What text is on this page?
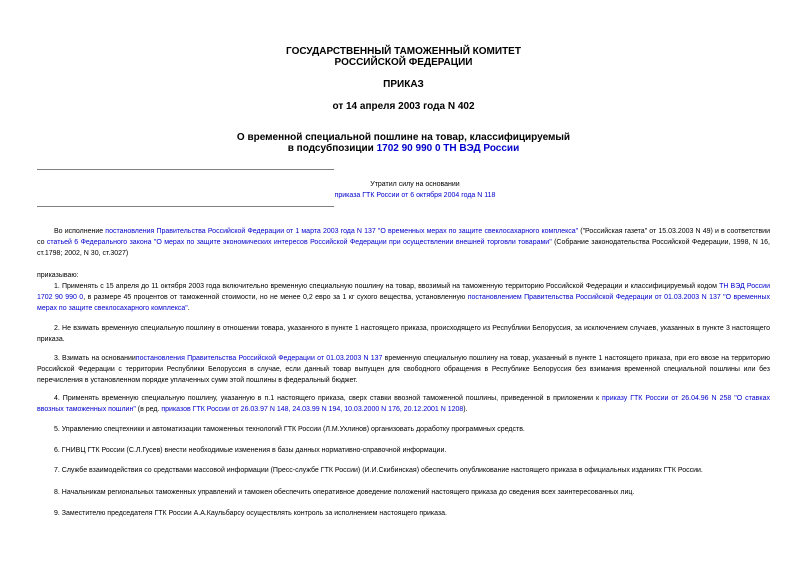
ГОСУДАРСТВЕННЫЙ ТАМОЖЕННЫЙ КОМИТЕТ
РОССИЙСКОЙ ФЕДЕРАЦИИ
ПРИКАЗ
от 14 апреля 2003 года N 402
О временной специальной пошлине на товар, классифицируемый
в подсубпозиции 1702 90 990 0 ТН ВЭД России
Утратил силу на основании
приказа ГТК России от 6 октября 2004 года N 118

Во исполнение постановления Правительства Российской Федерации от 1 марта 2003 года N 137 "О временных мерах по защите свеклосахарного комплекса" ("Российская газета" от 15.03.2003 N 49) и в соответствии со статьей 6 Федерального закона "О мерах по защите экономических интересов Российской Федерации при осуществлении внешней торговли товарами" (Собрание законодательства Российской Федерации, 1998, N 16, ст.1798; 2002, N 30, ст.3027)

приказываю:

1. Применять с 15 апреля до 11 октября 2003 года включительно временную специальную пошлину на товар, ввозимый на таможенную территорию Российской Федерации и классифицируемый кодом ТН ВЭД России 1702 90 990 0, в размере 45 процентов от таможенной стоимости, но не менее 0,2 евро за 1 кг сухого вещества, установленную постановлением Правительства Российской Федерации от 01.03.2003 N 137 "О временных мерах по защите свеклосахарного комплекса".

2. Не взимать временную специальную пошлину в отношении товара, указанного в пункте 1 настоящего приказа, происходящего из Республики Белоруссия, за исключением случаев, указанных в пункте 3 настоящего приказа.

3. Взимать на основаниипостановления Правительства Российской Федерации от 01.03.2003 N 137 временную специальную пошлину на товар, указанный в пункте 1 настоящего приказа, при его ввозе на территорию Российской Федерации с территории Республики Белоруссия в случае, если данный товар выпущен для свободного обращения в Республике Белоруссия без взимания временной специальной пошлины или без перечисления в установленном порядке уплаченных сумм этой пошлины в федеральный бюджет.

4. Применять временную специальную пошлину, указанную в п.1 настоящего приказа, сверх ставки ввозной таможенной пошлины, приведенной в приложении к приказу ГТК России от 26.04.96 N 258 "О ставках ввозных таможенных пошлин" (в ред. приказов ГТК России от 26.03.97 N 148, 24.03.99 N 194, 10.03.2000 N 176, 20.12.2001 N 1208).

5. Управлению спецтехники и автоматизации таможенных технологий ГТК России (Л.М.Ухлинов) организовать доработку программных средств.

6. ГНИВЦ ГТК России (С.Л.Гусев) внести необходимые изменения в базы данных нормативно-справочной информации.

7. Службе взаимодействия со средствами массовой информации (Пресс-службе ГТК России) (И.И.Скибинская) обеспечить опубликование настоящего приказа в официальных изданиях ГТК России.

8. Начальникам региональных таможенных управлений и таможен обеспечить оперативное доведение положений настоящего приказа до сведения всех заинтересованных лиц.

9. Заместителю председателя ГТК России А.А.Каульбарсу осуществлять контроль за исполнением настоящего приказа.
